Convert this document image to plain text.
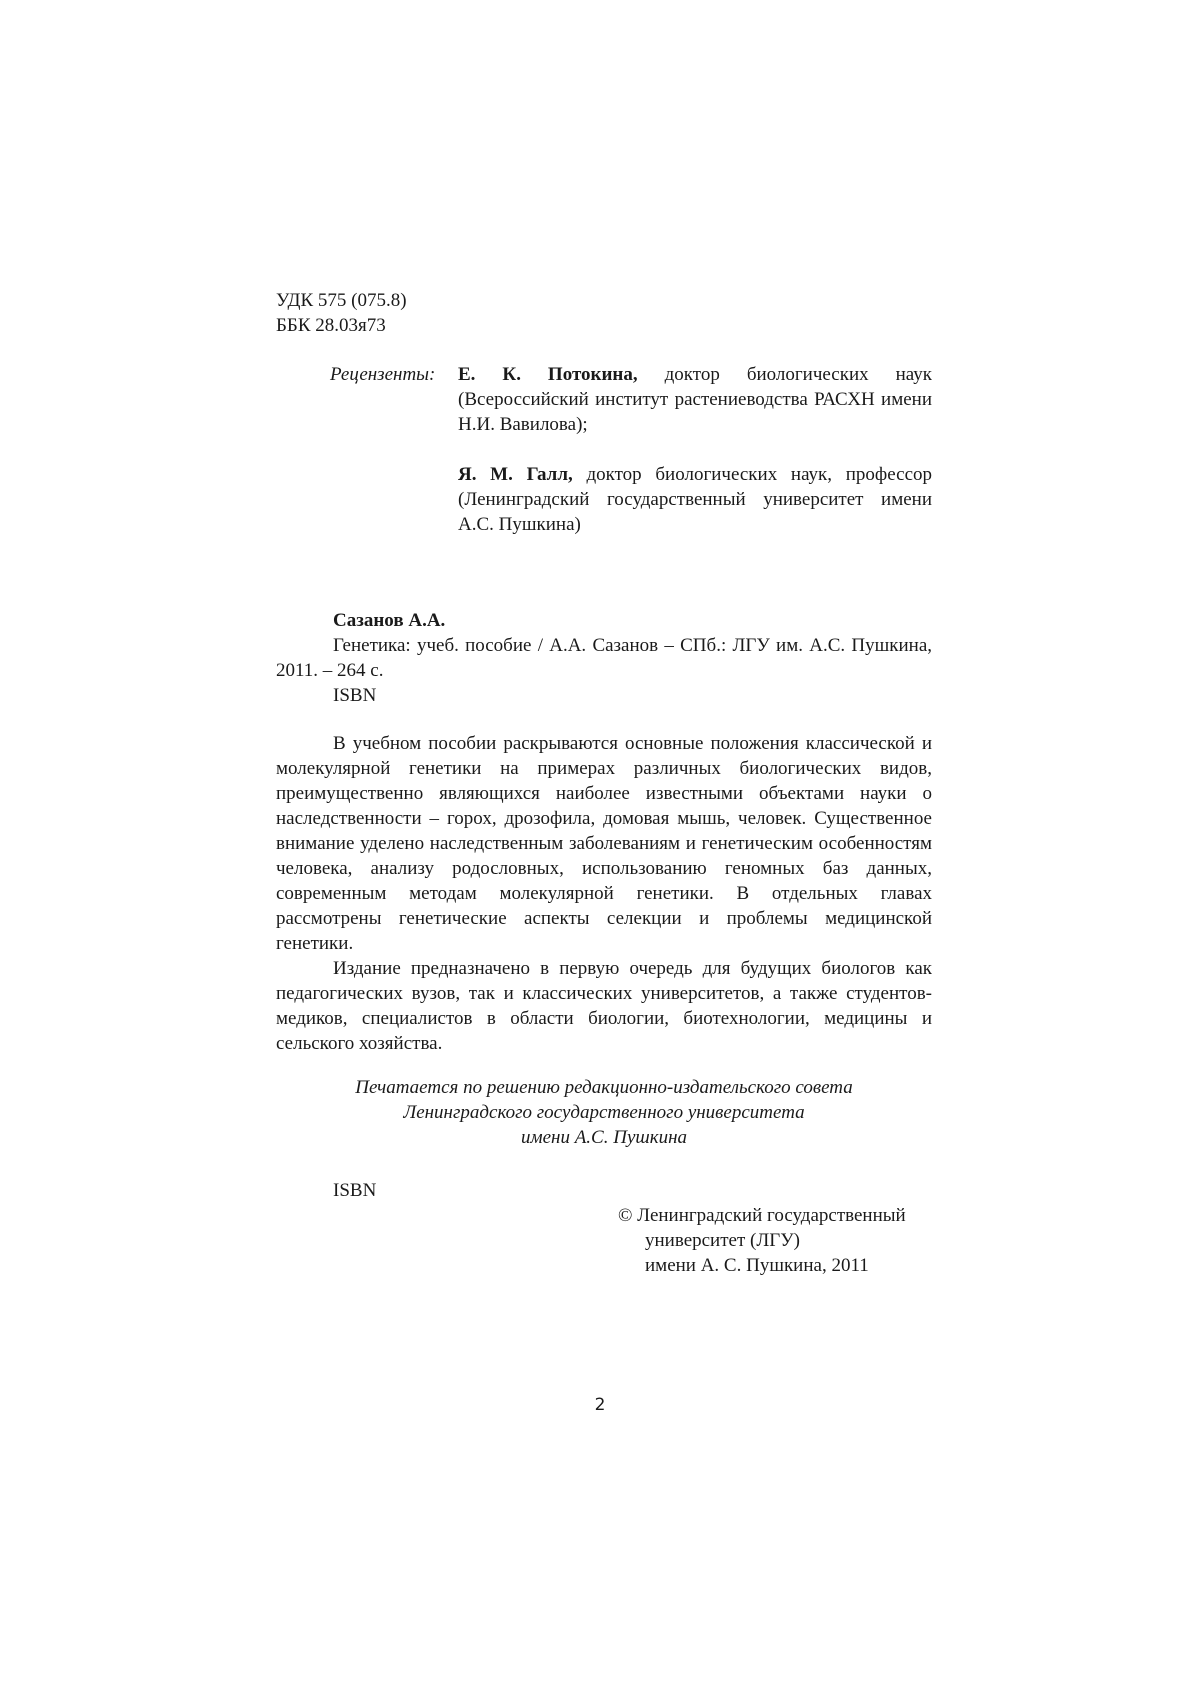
УДК 575 (075.8)
ББК 28.03я73
Рецензенты: Е. К. Потокина, доктор биологических наук (Всероссийский институт растениеводства РАСХН имени Н.И. Вавилова);
Я. М. Галл, доктор биологических наук, профессор (Ленинградский государственный университет имени А.С. Пушкина)
Сазанов А.А.
Генетика: учеб. пособие / А.А. Сазанов – СПб.: ЛГУ им. А.С. Пушкина, 2011. – 264 с.
ISBN

В учебном пособии раскрываются основные положения классической и молекулярной генетики на примерах различных биологических видов, преимущественно являющихся наиболее известными объектами науки о наследственности – горох, дрозофила, домовая мышь, человек. Существенное внимание уделено наследственным заболеваниям и генетическим особенностям человека, анализу родословных, использованию геномных баз данных, современным методам молекулярной генетики. В отдельных главах рассмотрены генетические аспекты селекции и проблемы медицинской генетики.

Издание предназначено в первую очередь для будущих биологов как педагогических вузов, так и классических университетов, а также студентов-медиков, специалистов в области биологии, биотехнологии, медицины и сельского хозяйства.

Печатается по решению редакционно-издательского совета
Ленинградского государственного университета
имени А.С. Пушкина
ISBN
© Ленинградский государственный
университет (ЛГУ)
имени А. С. Пушкина, 2011
2
